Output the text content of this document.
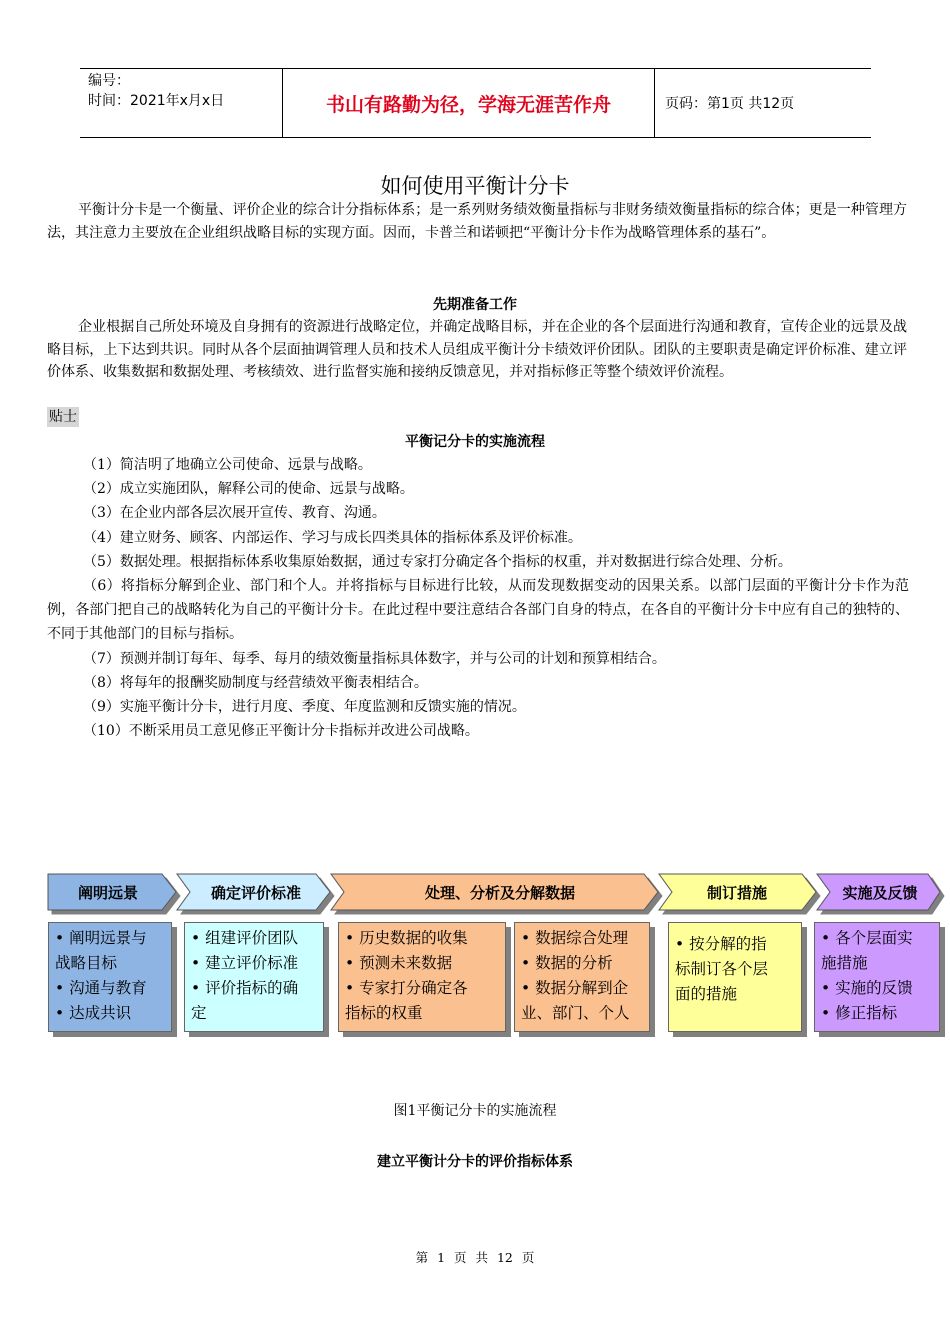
编号：
时间：2021年x月x日	书山有路勤为径，学海无涯苦作舟	页码：第1页 共12页
如何使用平衡计分卡
平衡计分卡是一个衡量、评价企业的综合计分指标体系；是一系列财务绩效衡量指标与非财务绩效衡量指标的综合体；更是一种管理方法，其注意力主要放在企业组织战略目标的实现方面。因而，卡普兰和诺顿把“平衡计分卡作为战略管理体系的基石”。
先期准备工作
企业根据自己所处环境及自身拥有的资源进行战略定位，并确定战略目标，并在企业的各个层面进行沟通和教育，宣传企业的远景及战略目标，上下达到共识。同时从各个层面抽调管理人员和技术人员组成平衡计分卡绩效评价团队。团队的主要职责是确定评价标准、建立评价体系、收集数据和数据处理、考核绩效、进行监督实施和接纳反馈意见，并对指标修正等整个绩效评价流程。
贴士
平衡记分卡的实施流程
（1）简洁明了地确立公司使命、远景与战略。
（2）成立实施团队，解释公司的使命、远景与战略。
（3）在企业内部各层次展开宣传、教育、沟通。
（4）建立财务、顾客、内部运作、学习与成长四类具体的指标体系及评价标准。
（5）数据处理。根据指标体系收集原始数据，通过专家打分确定各个指标的权重，并对数据进行综合处理、分析。
（6）将指标分解到企业、部门和个人。并将指标与目标进行比较，从而发现数据变动的因果关系。以部门层面的平衡计分卡作为范例，各部门把自己的战略转化为自己的平衡计分卡。在此过程中要注意结合各部门自身的特点，在各自的平衡计分卡中应有自己的独特的、不同于其他部门的目标与指标。
（7）预测并制订每年、每季、每月的绩效衡量指标具体数字，并与公司的计划和预算相结合。
（8）将每年的报酬奖励制度与经营绩效平衡表相结合。
（9）实施平衡计分卡，进行月度、季度、年度监测和反馈实施的情况。
（10）不断采用员工意见修正平衡计分卡指标并改进公司战略。
阐明远景	确定评价标准	处理、分析及分解数据	制订措施	实施及反馈
• 阐明远景与
战略目标
• 沟通与教育
• 达成共识
• 组建评价团队
• 建立评价标准
• 评价指标的确
定
• 历史数据的收集
• 预测未来数据
• 专家打分确定各
指标的权重
• 数据综合处理
• 数据的分析
• 数据分解到企
业、部门、个人
• 按分解的指
标制订各个层
面的措施
• 各个层面实
施措施
• 实施的反馈
• 修正指标
图1平衡记分卡的实施流程
建立平衡计分卡的评价指标体系
第 1 页 共 12 页
